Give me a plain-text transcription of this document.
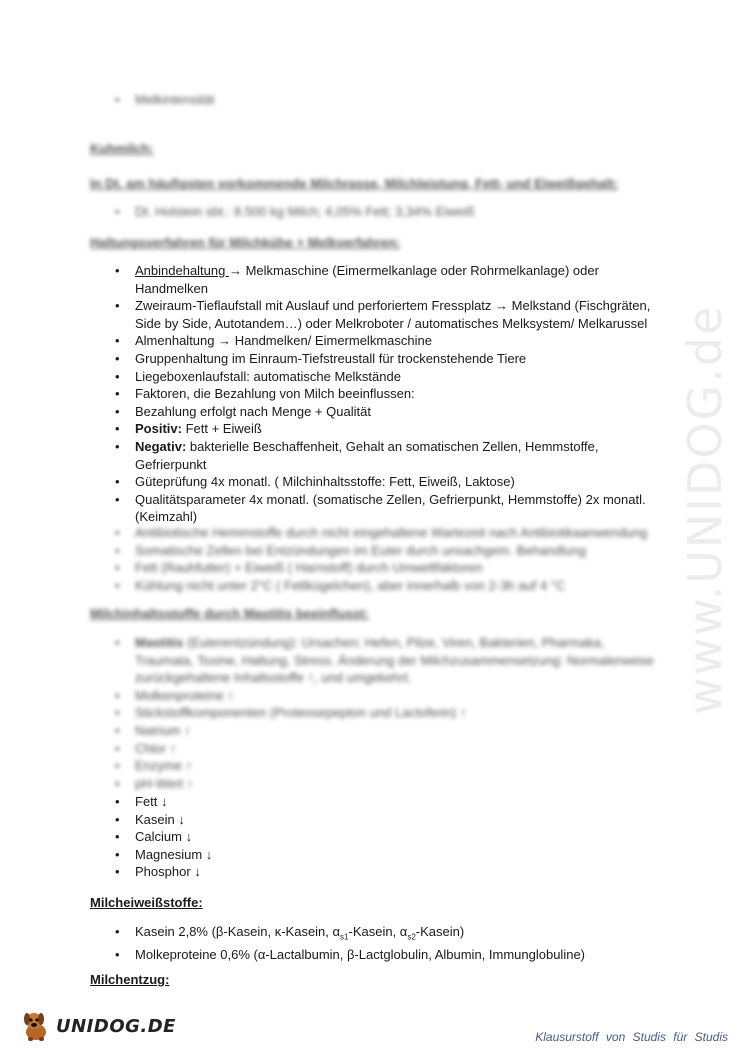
www.UNIDOG.de
• Melkintensität
Kuhmilch:
In Dt. am häufigsten vorkommende Milchrasse, Milchleistung, Fett- und Eiweißgehalt:
• Dt. Holstein sbt.: 8.500 kg Milch; 4,05% Fett; 3,34% Eiweiß
Haltungsverfahren für Milchkühe + Melkverfahren:
• Anbindehaltung → Melkmaschine (Eimermelkanlage oder Rohrmelkanlage) oder Handmelken
• Zweiraum-Tieflaufstall mit Auslauf und perforiertem Fressplatz → Melkstand (Fischgräten, Side by Side, Autotandem…) oder Melkroboter / automatisches Melksystem/ Melkarussel
• Almenhaltung → Handmelken/ Eimermelkmaschine
• Gruppenhaltung im Einraum-Tiefstreustall für trockenstehende Tiere
• Liegeboxenlaufstall: automatische Melkstände
• Faktoren, die Bezahlung von Milch beeinflussen:
• Bezahlung erfolgt nach Menge + Qualität
• Positiv: Fett + Eiweiß
• Negativ: bakterielle Beschaffenheit, Gehalt an somatischen Zellen, Hemmstoffe, Gefrierpunkt
• Güteprüfung 4x monatl. ( Milchinhaltsstoffe: Fett, Eiweiß, Laktose)
• Qualitätsparameter 4x monatl. (somatische Zellen, Gefrierpunkt, Hemmstoffe) 2x monatl. (Keimzahl)
• Antibiotische Hemmstoffe durch nicht eingehaltene Wartezeit nach Antibiotikaanwendung
• Somatische Zellen bei Entzündungen im Euter durch unsachgem. Behandlung
• Fett (Rauhfutter) + Eiweiß ( Harnstoff) durch Umweltfaktoren
• Kühlung nicht unter 2°C ( Fettkügelchen), aber innerhalb von 2-3h auf 4 °C
Milchinhaltsstoffe durch Mastitis beeinflusst:
• Mastitis (Euterentzündung): Ursachen: Hefen, Pilze, Viren, Bakterien, Pharmaka, Traumata, Toxine, Haltung, Stress. Änderung der Milchzusammensetzung: Normalerweise zurückgehaltene Inhaltsstoffe ↑, und umgekehrt.
• Molkenproteine ↑
• Stickstoffkomponenten (Proteosepepton und Lactoferin) ↑
• Natrium ↑
• Chlor ↑
• Enzyme ↑
• pH-Wert ↑
• Fett ↓
• Kasein ↓
• Calcium ↓
• Magnesium ↓
• Phosphor ↓
Milcheiweißstoffe:
• Kasein 2,8% (β-Kasein, κ-Kasein, $\alpha_{s1}$-Kasein, $\alpha_{s2}-Kasein$)
• Molkeproteine 0,6% (α-Lactalbumin, β-Lactglobulin, Albumin, Immunglobuline)
Milchentzug:
UNIDOG.DE
Klausurstoff von Studis für Studis
